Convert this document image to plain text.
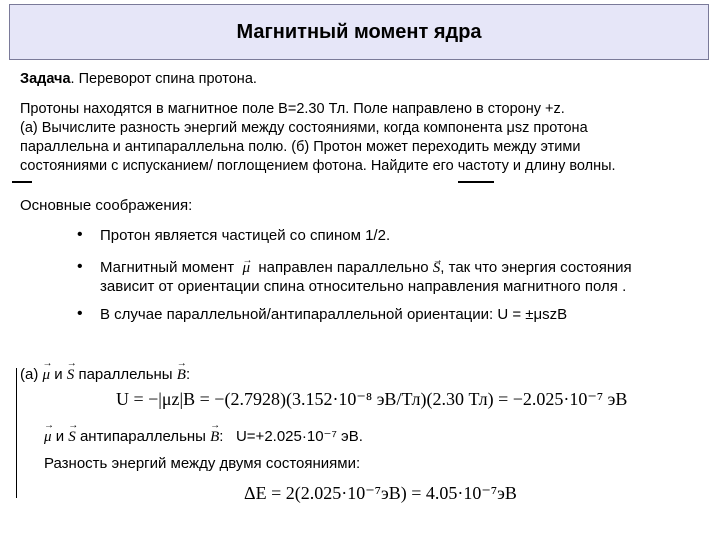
Магнитный момент ядра
Задача. Переворот спина протона.
Протоны находятся в магнитное поле B=2.30 Тл. Поле направлено в сторону +z.
(а) Вычислите разность энергий между состояниями, когда компонента μsz протона
параллельна и антипараллельна полю. (б) Протон может переходить между этими
состояниями с испусканием/ поглощением фотона. Найдите его частоту и длину волны.
Основные соображения:
• Протон является частицей со спином 1/2.
• Магнитный момент → μ направлен параллельно → S, так что энергия состояния
зависит от ориентации спина относительно направления магнитного поля .
• В случае параллельной/антипараллельной ориентации: U = ±μszB
(a) → μ и → S параллельны → B:
U = −|μz|B = −(2.7928)(3.152·10⁻⁸ эВ/Тл)(2.30 Тл) = −2.025·10⁻⁷ эВ
→ μ и → S антипараллельны → B:   U=+2.025·10⁻⁷ эВ.
Разность энергий между двумя состояниями:
ΔE = 2(2.025·10⁻⁷эВ) = 4.05·10⁻⁷эВ
